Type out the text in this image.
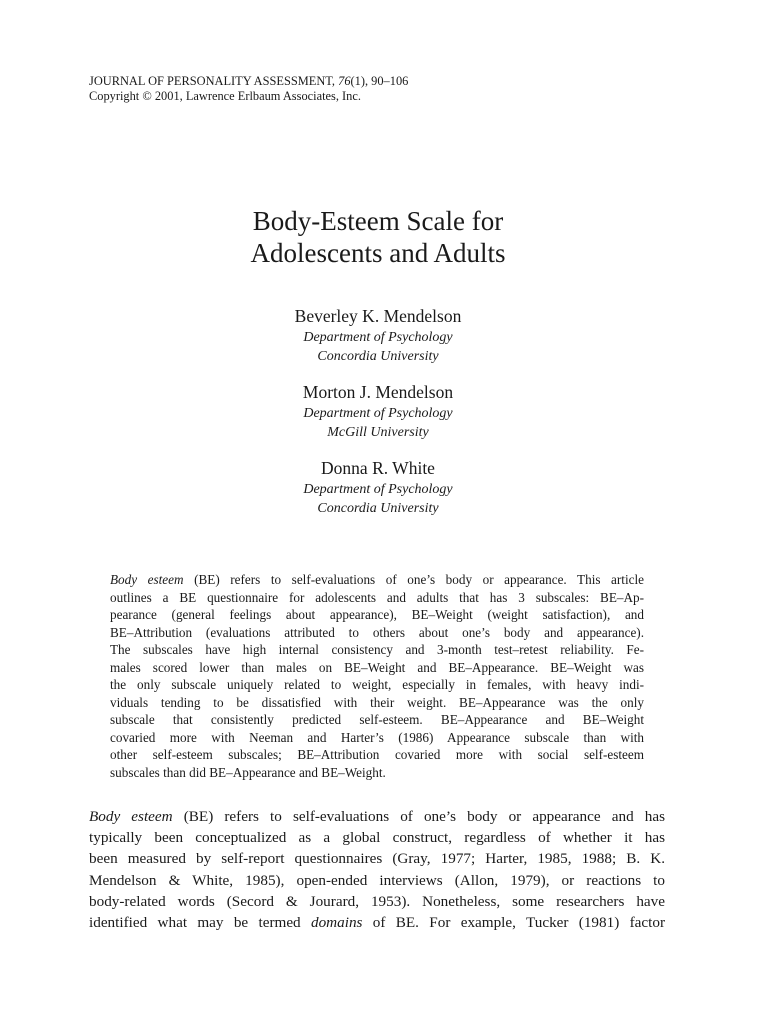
JOURNAL OF PERSONALITY ASSESSMENT, 76(1), 90–106
Copyright © 2001, Lawrence Erlbaum Associates, Inc.
Body-Esteem Scale for
Adolescents and Adults
Beverley K. Mendelson
Department of Psychology
Concordia University
Morton J. Mendelson
Department of Psychology
McGill University
Donna R. White
Department of Psychology
Concordia University
Body esteem (BE) refers to self-evaluations of one’s body or appearance. This article
outlines a BE questionnaire for adolescents and adults that has 3 subscales: BE–Ap-
pearance (general feelings about appearance), BE–Weight (weight satisfaction), and
BE–Attribution (evaluations attributed to others about one’s body and appearance).
The subscales have high internal consistency and 3-month test–retest reliability. Fe-
males scored lower than males on BE–Weight and BE–Appearance. BE–Weight was
the only subscale uniquely related to weight, especially in females, with heavy indi-
viduals tending to be dissatisfied with their weight. BE–Appearance was the only
subscale that consistently predicted self-esteem. BE–Appearance and BE–Weight
covaried more with Neeman and Harter’s (1986) Appearance subscale than with
other self-esteem subscales; BE–Attribution covaried more with social self-esteem
subscales than did BE–Appearance and BE–Weight.
Body esteem (BE) refers to self-evaluations of one’s body or appearance and has
typically been conceptualized as a global construct, regardless of whether it has
been measured by self-report questionnaires (Gray, 1977; Harter, 1985, 1988; B. K.
Mendelson & White, 1985), open-ended interviews (Allon, 1979), or reactions to
body-related words (Secord & Jourard, 1953). Nonetheless, some researchers have
identified what may be termed domains of BE. For example, Tucker (1981) factor
